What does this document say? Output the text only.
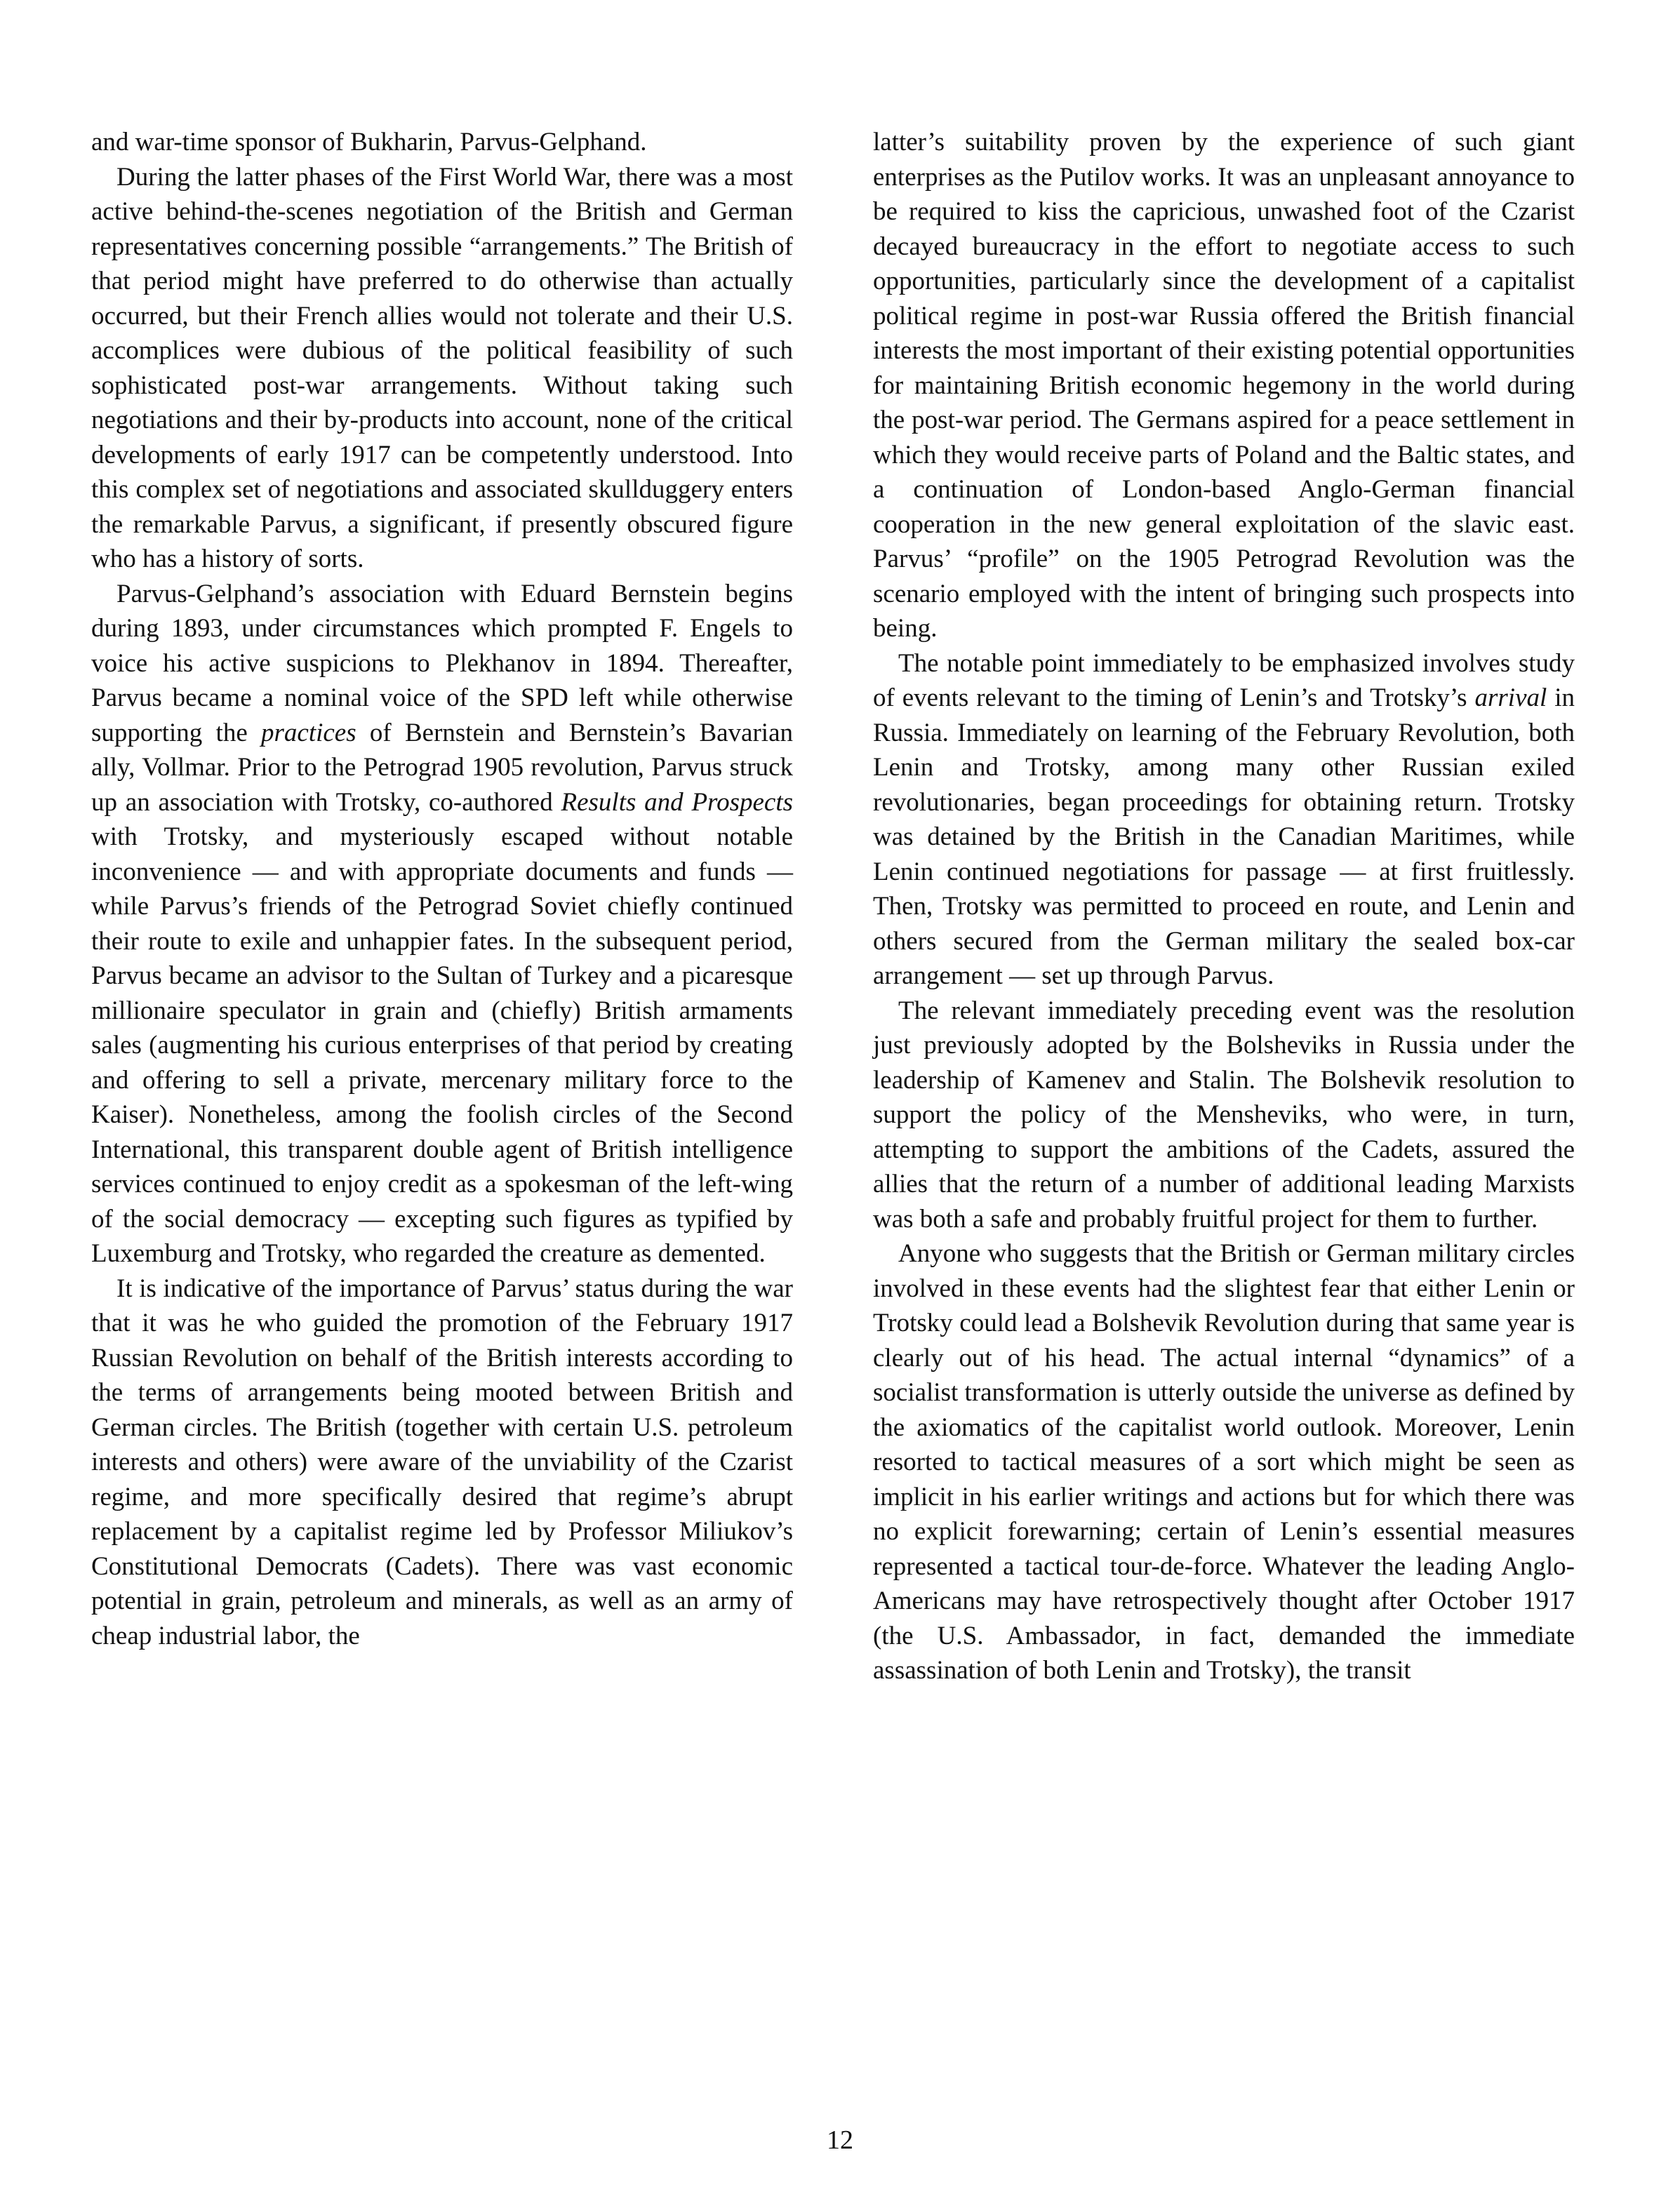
and war-time sponsor of Bukharin, Parvus-Gelphand.

During the latter phases of the First World War, there was a most active behind-the-scenes negotiation of the British and German representatives concerning possible “arrangements.” The British of that period might have preferred to do otherwise than actually occurred, but their French allies would not tolerate and their U.S. accomplices were dubious of the political feasibility of such sophisticated post-war arrangements. Without taking such negotiations and their by-products into account, none of the critical developments of early 1917 can be competently understood. Into this complex set of negotiations and associated skullduggery enters the remarkable Parvus, a significant, if presently obscured figure who has a history of sorts.

Parvus-Gelphand’s association with Eduard Bernstein begins during 1893, under circumstances which prompted F. Engels to voice his active suspicions to Plekhanov in 1894. Thereafter, Parvus became a nominal voice of the SPD left while otherwise supporting the practices of Bernstein and Bernstein’s Bavarian ally, Vollmar. Prior to the Petrograd 1905 revolution, Parvus struck up an association with Trotsky, co-authored Results and Prospects with Trotsky, and mysteriously escaped without notable inconvenience — and with appropriate documents and funds — while Parvus’s friends of the Petrograd Soviet chiefly continued their route to exile and unhappier fates. In the subsequent period, Parvus became an advisor to the Sultan of Turkey and a picaresque millionaire speculator in grain and (chiefly) British armaments sales (augmenting his curious enterprises of that period by creating and offering to sell a private, mercenary military force to the Kaiser). Nonetheless, among the foolish circles of the Second International, this transparent double agent of British intelligence services continued to enjoy credit as a spokesman of the left-wing of the social democracy — excepting such figures as typified by Luxemburg and Trotsky, who regarded the creature as demented.

It is indicative of the importance of Parvus’ status during the war that it was he who guided the promotion of the February 1917 Russian Revolution on behalf of the British interests according to the terms of arrangements being mooted between British and German circles. The British (together with certain U.S. petroleum interests and others) were aware of the unviability of the Czarist regime, and more specifically desired that regime’s abrupt replacement by a capitalist regime led by Professor Miliukov’s Constitutional Democrats (Cadets). There was vast economic potential in grain, petroleum and minerals, as well as an army of cheap industrial labor, the

latter’s suitability proven by the experience of such giant enterprises as the Putilov works. It was an unpleasant annoyance to be required to kiss the capricious, unwashed foot of the Czarist decayed bureaucracy in the effort to negotiate access to such opportunities, particularly since the development of a capitalist political regime in post-war Russia offered the British financial interests the most important of their existing potential opportunities for maintaining British economic hegemony in the world during the post-war period. The Germans aspired for a peace settlement in which they would receive parts of Poland and the Baltic states, and a continuation of London-based Anglo-German financial cooperation in the new general exploitation of the slavic east. Parvus’ “profile” on the 1905 Petrograd Revolution was the scenario employed with the intent of bringing such prospects into being.

The notable point immediately to be emphasized involves study of events relevant to the timing of Lenin’s and Trotsky’s arrival in Russia. Immediately on learning of the February Revolution, both Lenin and Trotsky, among many other Russian exiled revolutionaries, began proceedings for obtaining return. Trotsky was detained by the British in the Canadian Maritimes, while Lenin continued negotiations for passage — at first fruitlessly. Then, Trotsky was permitted to proceed en route, and Lenin and others secured from the German military the sealed box-car arrangement — set up through Parvus.

The relevant immediately preceding event was the resolution just previously adopted by the Bolsheviks in Russia under the leadership of Kamenev and Stalin. The Bolshevik resolution to support the policy of the Mensheviks, who were, in turn, attempting to support the ambitions of the Cadets, assured the allies that the return of a number of additional leading Marxists was both a safe and probably fruitful project for them to further.

Anyone who suggests that the British or German military circles involved in these events had the slightest fear that either Lenin or Trotsky could lead a Bolshevik Revolution during that same year is clearly out of his head. The actual internal “dynamics” of a socialist transformation is utterly outside the universe as defined by the axiomatics of the capitalist world outlook. Moreover, Lenin resorted to tactical measures of a sort which might be seen as implicit in his earlier writings and actions but for which there was no explicit forewarning; certain of Lenin’s essential measures represented a tactical tour-de-force. Whatever the leading Anglo-Americans may have retrospectively thought after October 1917 (the U.S. Ambassador, in fact, demanded the immediate assassination of both Lenin and Trotsky), the transit

12
